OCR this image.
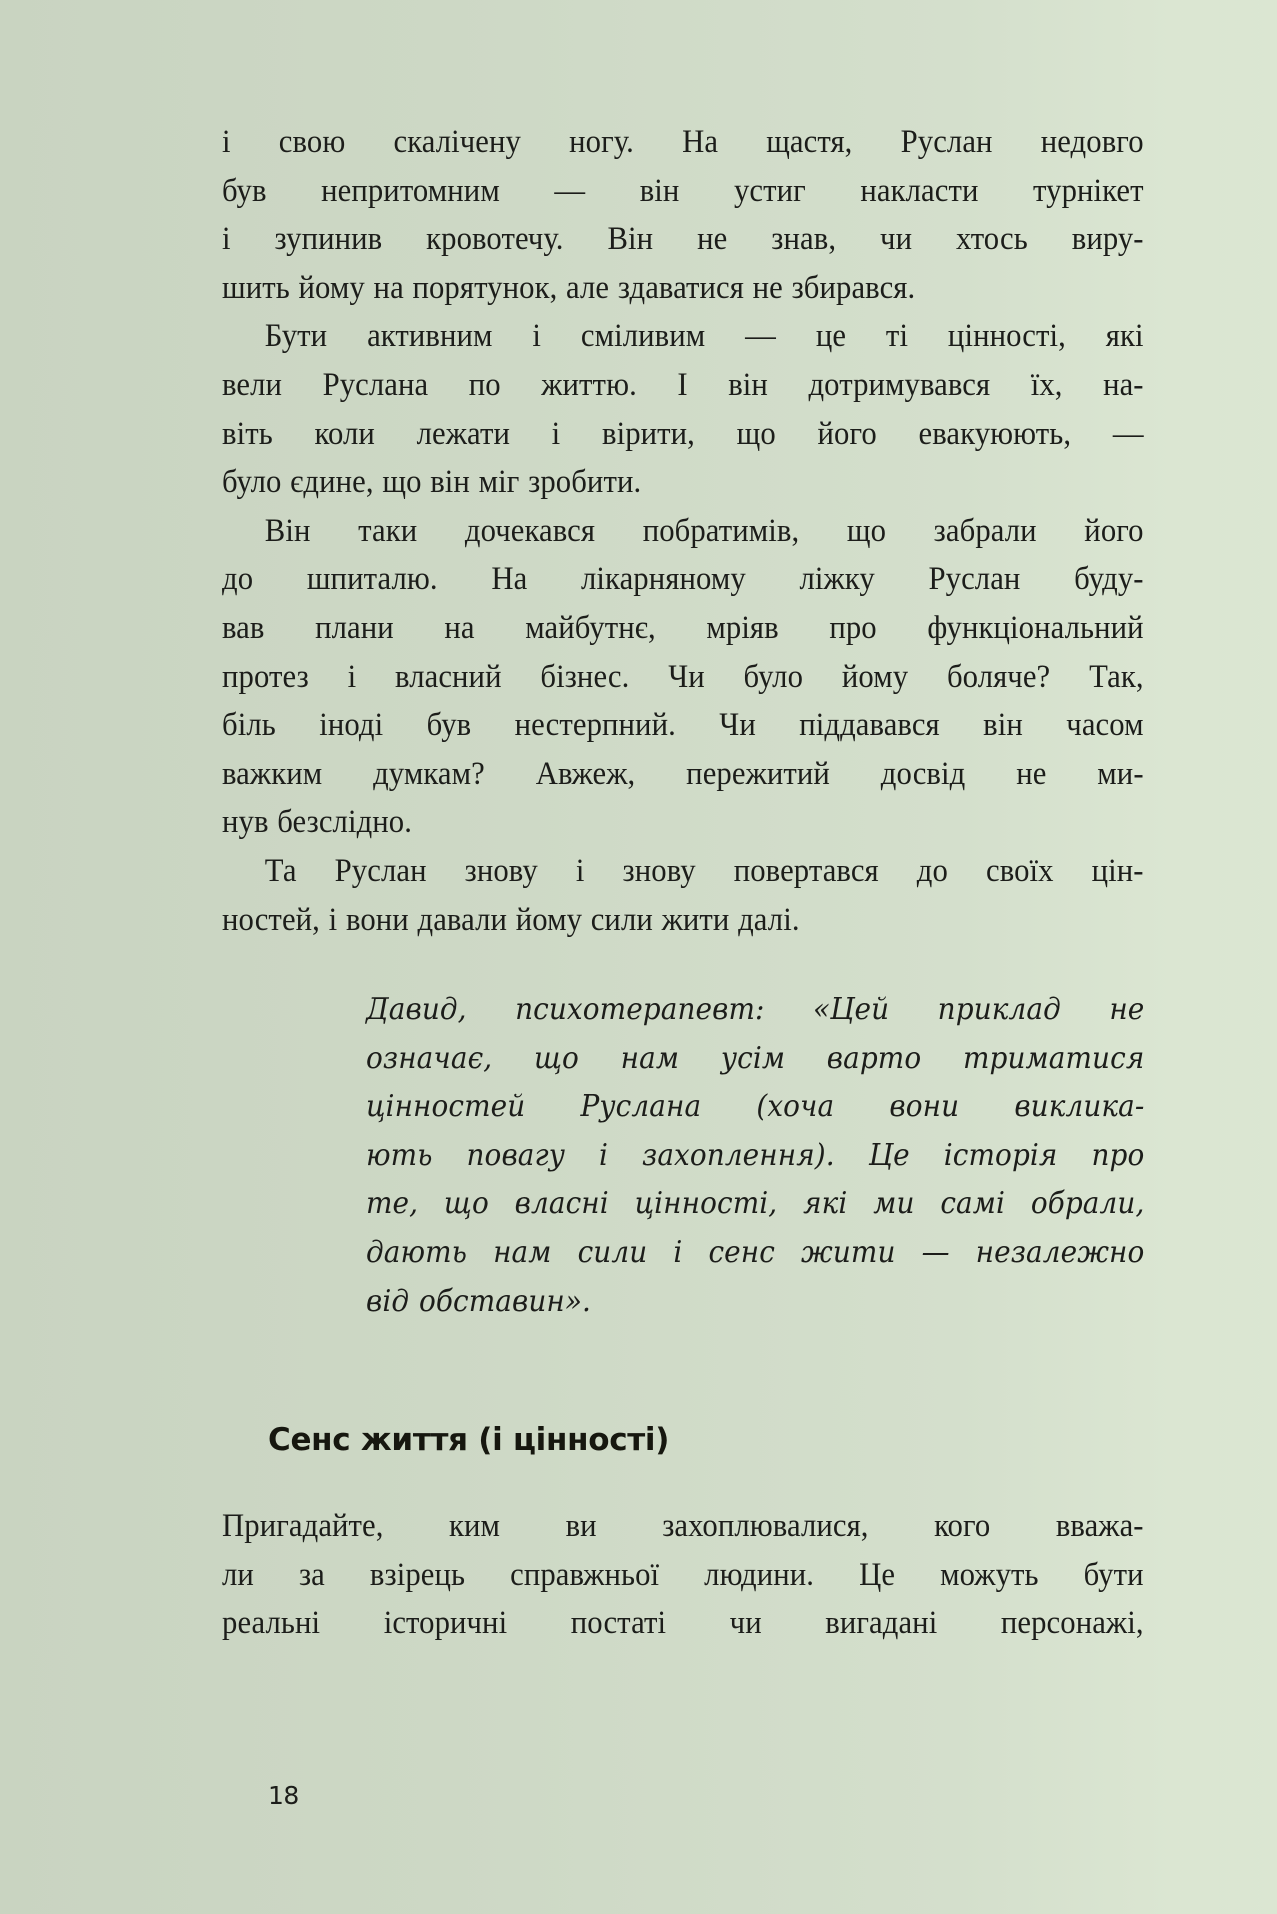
і свою скалічену ногу. На щастя, Руслан недовго
був непритомним — він устиг накласти турнікет
і зупинив кровотечу. Він не знав, чи хтось виру-
шить йому на порятунок, але здаватися не збирався.

Бути активним і сміливим — це ті цінності, які
вели Руслана по життю. І він дотримувався їх, на-
віть коли лежати і вірити, що його евакуюють, —
було єдине, що він міг зробити.

Він таки дочекався побратимів, що забрали його
до шпиталю. На лікарняному ліжку Руслан буду-
вав плани на майбутнє, мріяв про функціональний
протез і власний бізнес. Чи було йому боляче? Так,
біль іноді був нестерпний. Чи піддавався він часом
важким думкам? Авжеж, пережитий досвід не ми-
нув безслідно.

Та Руслан знову і знову повертався до своїх цін-
ностей, і вони давали йому сили жити далі.

Давид, психотерапевт: «Цей приклад не
означає, що нам усім варто триматися
цінностей Руслана (хоча вони виклика-
ють повагу і захоплення). Це історія про
те, що власні цінності, які ми самі обрали,
дають нам сили і сенс жити — незалежно
від обставин».

Сенс життя (і цінності)

Пригадайте, ким ви захоплювалися, кого вважа-
ли за взірець справжньої людини. Це можуть бути
реальні історичні постаті чи вигадані персонажі,

18
